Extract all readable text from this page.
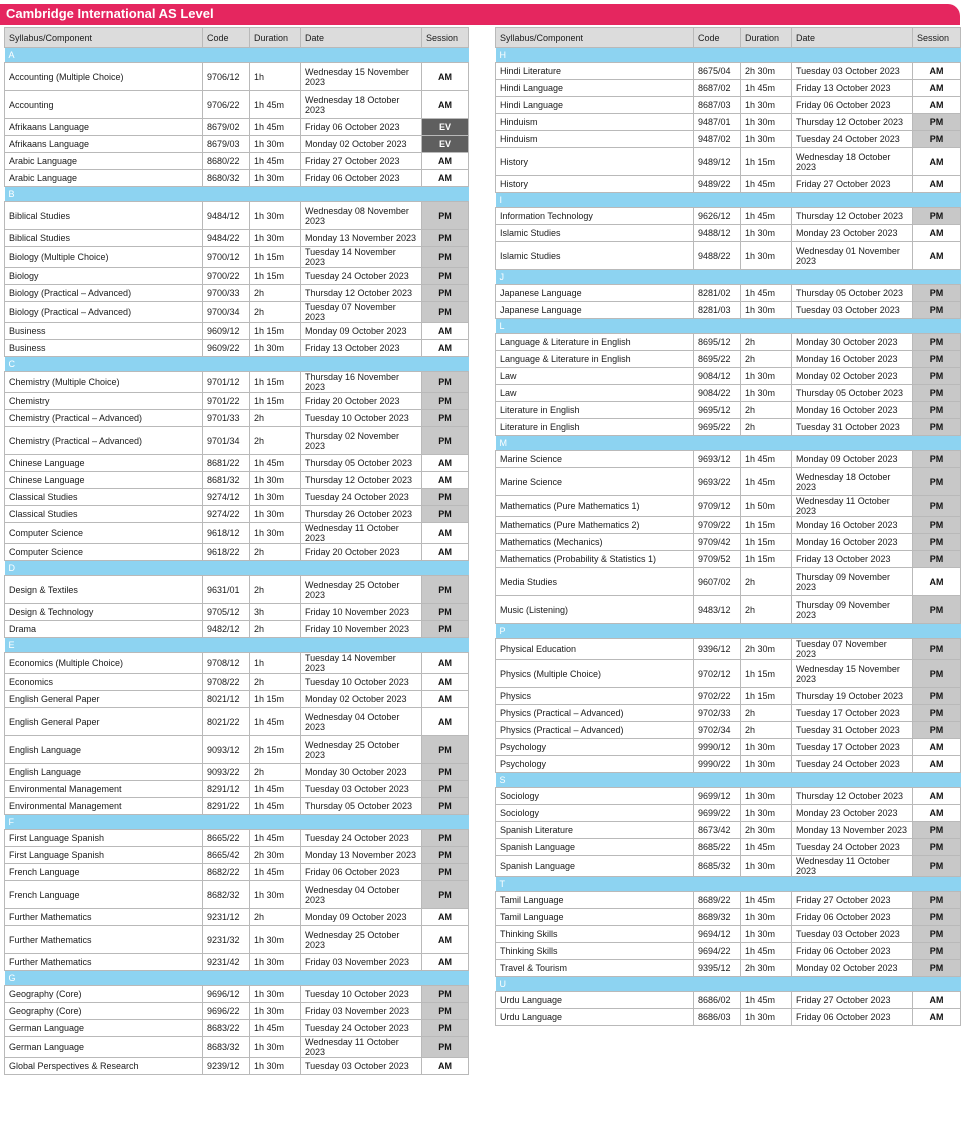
Cambridge International AS Level
Syllabus/Component	Code	Duration	Date	Session
A				
Accounting (Multiple Choice)	9706/12	1h	Wednesday 15 November 2023	AM
Accounting	9706/22	1h 45m	Wednesday 18 October 2023	AM
Afrikaans Language	8679/02	1h 45m	Friday 06 October 2023	EV
Afrikaans Language	8679/03	1h 30m	Monday 02 October 2023	EV
Arabic Language	8680/22	1h 45m	Friday 27 October 2023	AM
Arabic Language	8680/32	1h 30m	Friday 06 October 2023	AM
B				
Biblical Studies	9484/12	1h 30m	Wednesday 08 November 2023	PM
Biblical Studies	9484/22	1h 30m	Monday 13 November 2023	PM
Biology (Multiple Choice)	9700/12	1h 15m	Tuesday 14 November 2023	PM
Biology	9700/22	1h 15m	Tuesday 24 October 2023	PM
Biology (Practical – Advanced)	9700/33	2h	Thursday 12 October 2023	PM
Biology (Practical – Advanced)	9700/34	2h	Tuesday 07 November 2023	PM
Business	9609/12	1h 15m	Monday 09 October 2023	AM
Business	9609/22	1h 30m	Friday 13 October 2023	AM
C				
Chemistry (Multiple Choice)	9701/12	1h 15m	Thursday 16 November 2023	PM
Chemistry	9701/22	1h 15m	Friday 20 October 2023	PM
Chemistry (Practical – Advanced)	9701/33	2h	Tuesday 10 October 2023	PM
Chemistry (Practical – Advanced)	9701/34	2h	Thursday 02 November 2023	PM
Chinese Language	8681/22	1h 45m	Thursday 05 October 2023	AM
Chinese Language	8681/32	1h 30m	Thursday 12 October 2023	AM
Classical Studies	9274/12	1h 30m	Tuesday 24 October 2023	PM
Classical Studies	9274/22	1h 30m	Thursday 26 October 2023	PM
Computer Science	9618/12	1h 30m	Wednesday 11 October 2023	AM
Computer Science	9618/22	2h	Friday 20 October 2023	AM
D				
Design & Textiles	9631/01	2h	Wednesday 25 October 2023	PM
Design & Technology	9705/12	3h	Friday 10 November 2023	PM
Drama	9482/12	2h	Friday 10 November 2023	PM
E				
Economics (Multiple Choice)	9708/12	1h	Tuesday 14 November 2023	AM
Economics	9708/22	2h	Tuesday 10 October 2023	AM
English General Paper	8021/12	1h 15m	Monday 02 October 2023	AM
English General Paper	8021/22	1h 45m	Wednesday 04 October 2023	AM
English Language	9093/12	2h 15m	Wednesday 25 October 2023	PM
English Language	9093/22	2h	Monday 30 October 2023	PM
Environmental Management	8291/12	1h 45m	Tuesday 03 October 2023	PM
Environmental Management	8291/22	1h 45m	Thursday 05 October 2023	PM
F				
First Language Spanish	8665/22	1h 45m	Tuesday 24 October 2023	PM
First Language Spanish	8665/42	2h 30m	Monday 13 November 2023	PM
French Language	8682/22	1h 45m	Friday 06 October 2023	PM
French Language	8682/32	1h 30m	Wednesday 04 October 2023	PM
Further Mathematics	9231/12	2h	Monday 09 October 2023	AM
Further Mathematics	9231/32	1h 30m	Wednesday 25 October 2023	AM
Further Mathematics	9231/42	1h 30m	Friday 03 November 2023	AM
G				
Geography (Core)	9696/12	1h 30m	Tuesday 10 October 2023	PM
Geography (Core)	9696/22	1h 30m	Friday 03 November 2023	PM
German Language	8683/22	1h 45m	Tuesday 24 October 2023	PM
German Language	8683/32	1h 30m	Wednesday 11 October 2023	PM
Global Perspectives & Research	9239/12	1h 30m	Tuesday 03 October 2023	AM
Syllabus/Component	Code	Duration	Date	Session
H				
Hindi Literature	8675/04	2h 30m	Tuesday 03 October 2023	AM
Hindi Language	8687/02	1h 45m	Friday 13 October 2023	AM
Hindi Language	8687/03	1h 30m	Friday 06 October 2023	AM
Hinduism	9487/01	1h 30m	Thursday 12 October 2023	PM
Hinduism	9487/02	1h 30m	Tuesday 24 October 2023	PM
History	9489/12	1h 15m	Wednesday 18 October 2023	AM
History	9489/22	1h 45m	Friday 27 October 2023	AM
I				
Information Technology	9626/12	1h 45m	Thursday 12 October 2023	PM
Islamic Studies	9488/12	1h 30m	Monday 23 October 2023	AM
Islamic Studies	9488/22	1h 30m	Wednesday 01 November 2023	AM
J				
Japanese Language	8281/02	1h 45m	Thursday 05 October 2023	PM
Japanese Language	8281/03	1h 30m	Tuesday 03 October 2023	PM
L				
Language & Literature in English	8695/12	2h	Monday 30 October 2023	PM
Language & Literature in English	8695/22	2h	Monday 16 October 2023	PM
Law	9084/12	1h 30m	Monday 02 October 2023	PM
Law	9084/22	1h 30m	Thursday 05 October 2023	PM
Literature in English	9695/12	2h	Monday 16 October 2023	PM
Literature in English	9695/22	2h	Tuesday 31 October 2023	PM
M				
Marine Science	9693/12	1h 45m	Monday 09 October 2023	PM
Marine Science	9693/22	1h 45m	Wednesday 18 October 2023	PM
Mathematics (Pure Mathematics 1)	9709/12	1h 50m	Wednesday 11 October 2023	PM
Mathematics (Pure Mathematics 2)	9709/22	1h 15m	Monday 16 October 2023	PM
Mathematics (Mechanics)	9709/42	1h 15m	Monday 16 October 2023	PM
Mathematics (Probability & Statistics 1)	9709/52	1h 15m	Friday 13 October 2023	PM
Media Studies	9607/02	2h	Thursday 09 November 2023	AM
Music (Listening)	9483/12	2h	Thursday 09 November 2023	PM
P				
Physical Education	9396/12	2h 30m	Tuesday 07 November 2023	PM
Physics (Multiple Choice)	9702/12	1h 15m	Wednesday 15 November 2023	PM
Physics	9702/22	1h 15m	Thursday 19 October 2023	PM
Physics (Practical – Advanced)	9702/33	2h	Tuesday 17 October 2023	PM
Physics (Practical – Advanced)	9702/34	2h	Tuesday 31 October 2023	PM
Psychology	9990/12	1h 30m	Tuesday 17 October 2023	AM
Psychology	9990/22	1h 30m	Tuesday 24 October 2023	AM
S				
Sociology	9699/12	1h 30m	Thursday 12 October 2023	AM
Sociology	9699/22	1h 30m	Monday 23 October 2023	AM
Spanish Literature	8673/42	2h 30m	Monday 13 November 2023	PM
Spanish Language	8685/22	1h 45m	Tuesday 24 October 2023	PM
Spanish Language	8685/32	1h 30m	Wednesday 11 October 2023	PM
T				
Tamil Language	8689/22	1h 45m	Friday 27 October 2023	PM
Tamil Language	8689/32	1h 30m	Friday 06 October 2023	PM
Thinking Skills	9694/12	1h 30m	Tuesday 03 October 2023	PM
Thinking Skills	9694/22	1h 45m	Friday 06 October 2023	PM
Travel & Tourism	9395/12	2h 30m	Monday 02 October 2023	PM
U				
Urdu Language	8686/02	1h 45m	Friday 27 October 2023	AM
Urdu Language	8686/03	1h 30m	Friday 06 October 2023	AM
